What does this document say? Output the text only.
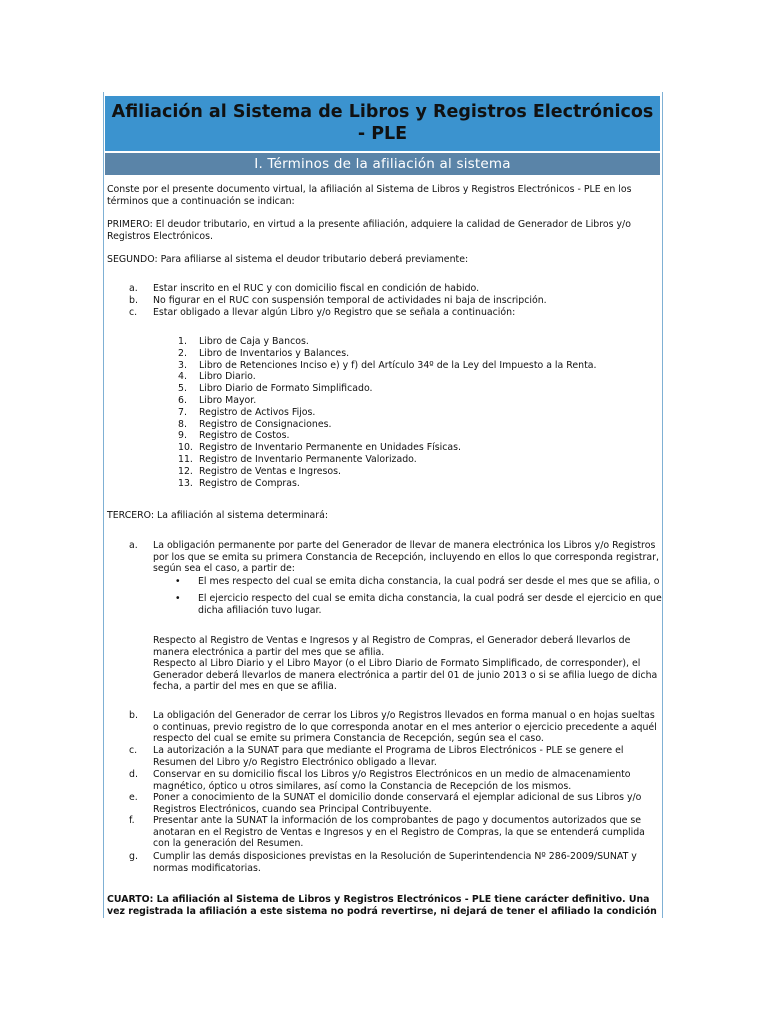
Afiliación al Sistema de Libros y Registros Electrónicos - PLE
I. Términos de la afiliación al sistema

Conste por el presente documento virtual, la afiliación al Sistema de Libros y Registros Electrónicos - PLE en los términos que a continuación se indican:

PRIMERO: El deudor tributario, en virtud a la presente afiliación, adquiere la calidad de Generador de Libros y/o Registros Electrónicos.

SEGUNDO: Para afiliarse al sistema el deudor tributario deberá previamente:

a. Estar inscrito en el RUC y con domicilio fiscal en condición de habido.
b. No figurar en el RUC con suspensión temporal de actividades ni baja de inscripción.
c. Estar obligado a llevar algún Libro y/o Registro que se señala a continuación:
1. Libro de Caja y Bancos.
2. Libro de Inventarios y Balances.
3. Libro de Retenciones Inciso e) y f) del Artículo 34º de la Ley del Impuesto a la Renta.
4. Libro Diario.
5. Libro Diario de Formato Simplificado.
6. Libro Mayor.
7. Registro de Activos Fijos.
8. Registro de Consignaciones.
9. Registro de Costos.
10. Registro de Inventario Permanente en Unidades Físicas.
11. Registro de Inventario Permanente Valorizado.
12. Registro de Ventas e Ingresos.
13. Registro de Compras.

TERCERO: La afiliación al sistema determinará:

a. La obligación permanente por parte del Generador de llevar de manera electrónica los Libros y/o Registros por los que se emita su primera Constancia de Recepción, incluyendo en ellos lo que corresponda registrar, según sea el caso, a partir de:
• El mes respecto del cual se emita dicha constancia, la cual podrá ser desde el mes que se afilia, o
• El ejercicio respecto del cual se emita dicha constancia, la cual podrá ser desde el ejercicio en que dicha afiliación tuvo lugar.

Respecto al Registro de Ventas e Ingresos y al Registro de Compras, el Generador deberá llevarlos de manera electrónica a partir del mes que se afilia.

Respecto al Libro Diario y el Libro Mayor (o el Libro Diario de Formato Simplificado, de corresponder), el Generador deberá llevarlos de manera electrónica a partir del 01 de junio 2013 o si se afilia luego de dicha fecha, a partir del mes en que se afilia.

b. La obligación del Generador de cerrar los Libros y/o Registros llevados en forma manual o en hojas sueltas o continuas, previo registro de lo que corresponda anotar en el mes anterior o ejercicio precedente a aquél respecto del cual se emite su primera Constancia de Recepción, según sea el caso.
c. La autorización a la SUNAT para que mediante el Programa de Libros Electrónicos - PLE se genere el Resumen del Libro y/o Registro Electrónico obligado a llevar.
d. Conservar en su domicilio fiscal los Libros y/o Registros Electrónicos en un medio de almacenamiento magnético, óptico u otros similares, así como la Constancia de Recepción de los mismos.
e. Poner a conocimiento de la SUNAT el domicilio donde conservará el ejemplar adicional de sus Libros y/o Registros Electrónicos, cuando sea Principal Contribuyente.
f. Presentar ante la SUNAT la información de los comprobantes de pago y documentos autorizados que se anotaran en el Registro de Ventas e Ingresos y en el Registro de Compras, la que se entenderá cumplida con la generación del Resumen.
g. Cumplir las demás disposiciones previstas en la Resolución de Superintendencia Nº 286-2009/SUNAT y normas modificatorias.

CUARTO: La afiliación al Sistema de Libros y Registros Electrónicos - PLE tiene carácter definitivo. Una vez registrada la afiliación a este sistema no podrá revertirse, ni dejará de tener el afiliado la condición
